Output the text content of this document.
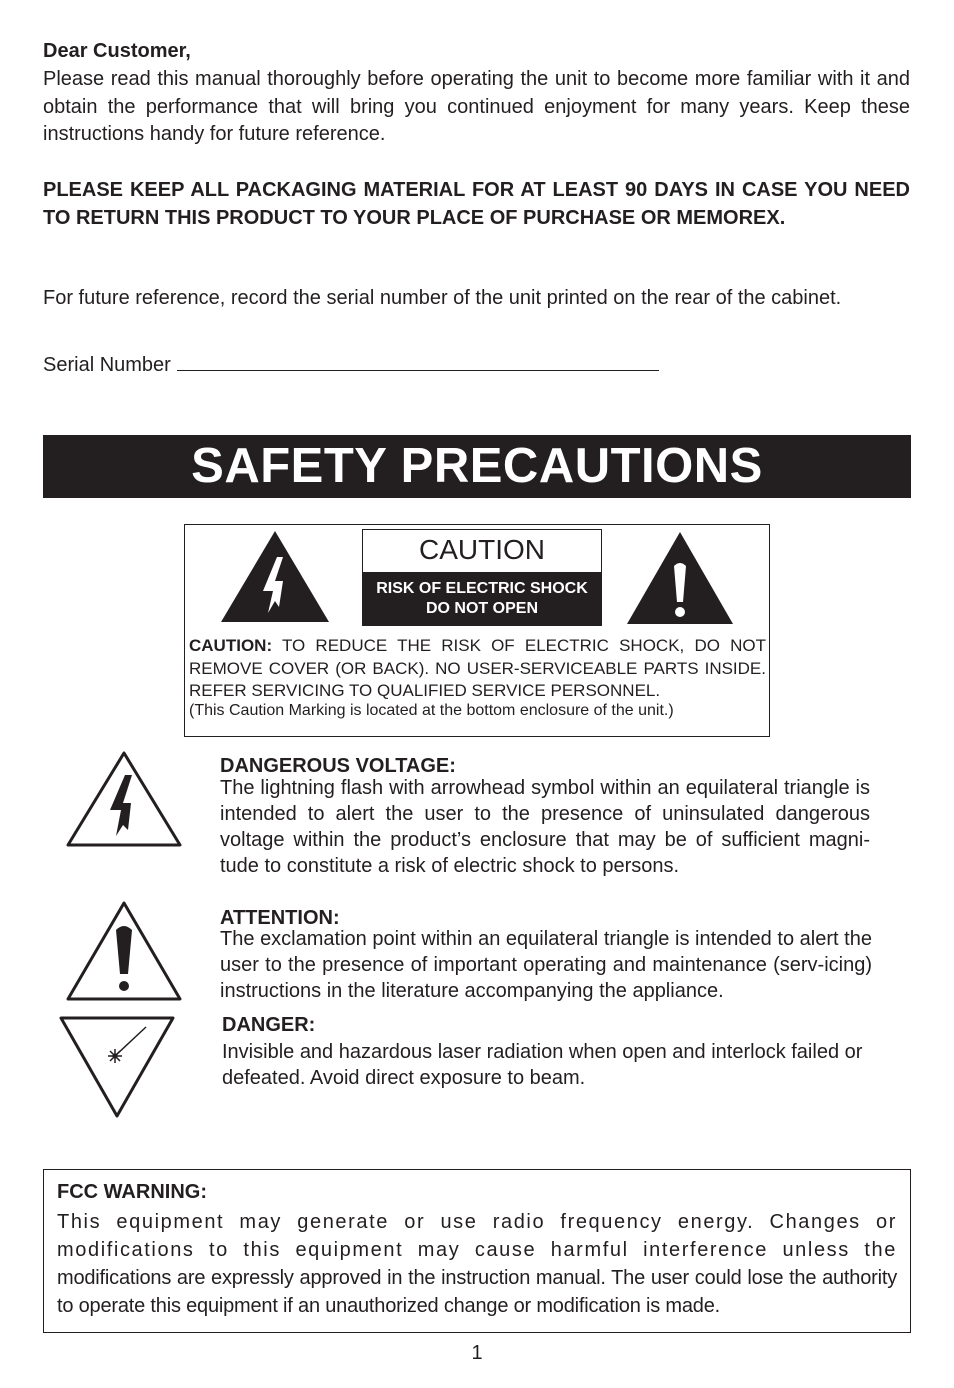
Dear Customer,
Please read this manual thoroughly before operating the unit to become more familiar with it and obtain the performance that will bring you continued enjoyment for many years. Keep these instructions handy for future reference.
PLEASE KEEP ALL PACKAGING MATERIAL FOR AT LEAST 90 DAYS IN CASE YOU NEED TO RETURN THIS PRODUCT TO YOUR PLACE OF PURCHASE OR MEMOREX.
For future reference, record the serial number of the unit printed on the rear of the cabinet.
Serial Number
SAFETY PRECAUTIONS
CAUTION
RISK OF ELECTRIC SHOCK
DO NOT OPEN
CAUTION: TO REDUCE THE RISK OF ELECTRIC SHOCK, DO NOT REMOVE COVER (OR BACK). NO USER-SERVICEABLE PARTS INSIDE. REFER SERVICING TO QUALIFIED SERVICE PERSONNEL.
(This Caution Marking is located at the bottom enclosure of the unit.)
DANGEROUS VOLTAGE:
The lightning flash with arrowhead symbol within an equilateral triangle is intended to alert the user to the presence of uninsulated dangerous voltage within the product’s enclosure that may be of sufficient magni-tude to constitute a risk of electric shock to persons.
ATTENTION:
The exclamation point within an equilateral triangle is intended to alert the user to the presence of important operating and maintenance (serv-icing) instructions in the literature accompanying the appliance.
DANGER:
Invisible and hazardous laser radiation when open and interlock failed or defeated. Avoid direct exposure to beam.
FCC WARNING:
This equipment may generate or use radio frequency energy. Changes or modifications to this equipment may cause harmful interference unless the
modifications are expressly approved in the instruction manual. The user could lose the authority to operate this equipment if an unauthorized change or modification is made.
1
